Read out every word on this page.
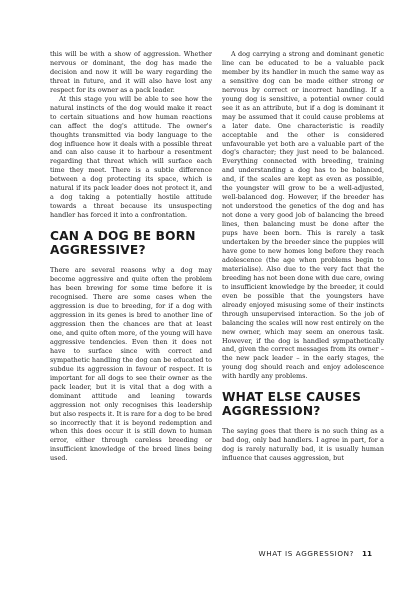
this will be with a show of aggression. Whether nervous or dominant, the dog has made the decision and now it will be wary regarding the threat in future, and it will also have lost any respect for its owner as a pack leader.

At this stage you will be able to see how the natural instincts of the dog would make it react to certain situations and how human reactions can affect the dog's attitude. The owner's thoughts transmitted via body language to the dog influence how it deals with a possible threat and can also cause it to harbour a resentment regarding that threat which will surface each time they meet. There is a subtle difference between a dog protecting its space, which is natural if its pack leader does not protect it, and a dog taking a potentially hostile attitude towards a threat because its unsuspecting handler has forced it into a confrontation.

CAN A DOG BE BORN AGGRESSIVE?

There are several reasons why a dog may become aggressive and quite often the problem has been brewing for some time before it is recognised. There are some cases when the aggression is due to breeding, for if a dog with aggression in its genes is bred to another line of aggression then the chances are that at least one, and quite often more, of the young will have aggressive tendencies. Even then it does not have to surface since with correct and sympathetic handling the dog can be educated to subdue its aggression in favour of respect. It is important for all dogs to see their owner as the pack leader, but it is vital that a dog with a dominant attitude and leaning towards aggression not only recognises this leadership but also respects it. It is rare for a dog to be bred so incorrectly that it is beyond redemption and when this does occur it is still down to human error, either through careless breeding or insufficient knowledge of the breed lines being used.

A dog carrying a strong and dominant genetic line can be educated to be a valuable pack member by its handler in much the same way as a sensitive dog can be made either strong or nervous by correct or incorrect handling. If a young dog is sensitive, a potential owner could see it as an attribute, but if a dog is dominant it may be assumed that it could cause problems at a later date. One characteristic is readily acceptable and the other is considered unfavourable yet both are a valuable part of the dog's character; they just need to be balanced. Everything connected with breeding, training and understanding a dog has to be balanced, and, if the scales are kept as even as possible, the youngster will grow to be a well-adjusted, well-balanced dog. However, if the breeder has not understood the genetics of the dog and has not done a very good job of balancing the breed lines, then balancing must be done after the pups have been born. This is rarely a task undertaken by the breeder since the puppies will have gone to new homes long before they reach adolescence (the age when problems begin to materialise). Also due to the very fact that the breeding has not been done with due care, owing to insufficient knowledge by the breeder, it could even be possible that the youngsters have already enjoyed misusing some of their instincts through unsupervised interaction. So the job of balancing the scales will now rest entirely on the new owner, which may seem an onerous task. However, if the dog is handled sympathetically and, given the correct messages from its owner – the new pack leader – in the early stages, the young dog should reach and enjoy adolescence with hardly any problems.

WHAT ELSE CAUSES AGGRESSION?

The saying goes that there is no such thing as a bad dog, only bad handlers. I agree in part, for a dog is rarely naturally bad, it is usually human influence that causes aggression, but

WHAT IS AGGRESSION? 11
